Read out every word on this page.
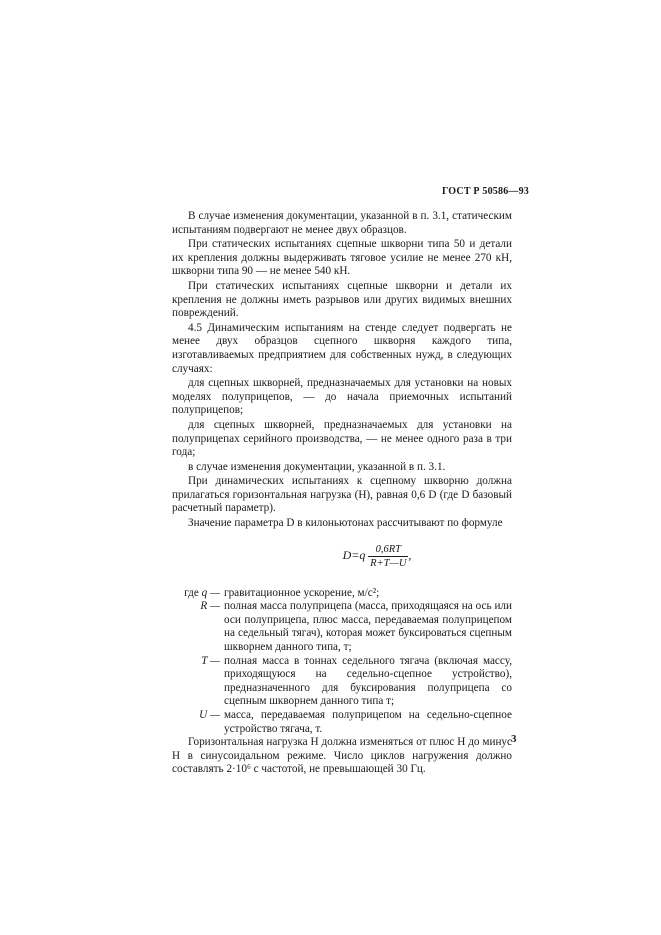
ГОСТ Р 50586—93

В случае изменения документации, указанной в п. 3.1, статическим испытаниям подвергают не менее двух образцов.

При статических испытаниях сцепные шкворни типа 50 и детали их крепления должны выдерживать тяговое усилие не менее 270 кН, шкворни типа 90 — не менее 540 кН.

При статических испытаниях сцепные шкворни и детали их крепления не должны иметь разрывов или других видимых внешних повреждений.

4.5 Динамическим испытаниям на стенде следует подвергать не менее двух образцов сцепного шкворня каждого типа, изготавливаемых предприятием для собственных нужд, в следующих случаях:

для сцепных шкворней, предназначаемых для установки на новых моделях полуприцепов, — до начала приемочных испытаний полуприцепов;

для сцепных шкворней, предназначаемых для установки на полуприцепах серийного производства, — не менее одного раза в три года;

в случае изменения документации, указанной в п. 3.1.

При динамических испытаниях к сцепному шкворню должна прилагаться горизонтальная нагрузка (Н), равная 0,6 D (где D базовый расчетный параметр).

Значение параметра D в килоньютонах рассчитывают по формуле

$D=q \frac{0,6RT}{R+T—U}$ ,
где q — гравитационное ускорение, м/с²;
R — полная масса полуприцепа (масса, приходящаяся на ось или оси полуприцепа, плюс масса, передаваемая полуприцепом на седельный тягач), которая может буксироваться сцепным шкворнем данного типа, т;
T — полная масса в тоннах седельного тягача (включая массу, приходящуюся на седельно-сцепное устройство), предназначенного для буксирования полуприцепа со сцепным шкворнем данного типа т;
U — масса, передаваемая полуприцепом на седельно-сцепное устройство тягача, т.

Горизонтальная нагрузка H должна изменяться от плюс H до минус H в синусоидальном режиме. Число циклов нагружения должно составлять 2·10⁶ с частотой, не превышающей 30 Гц.

3
